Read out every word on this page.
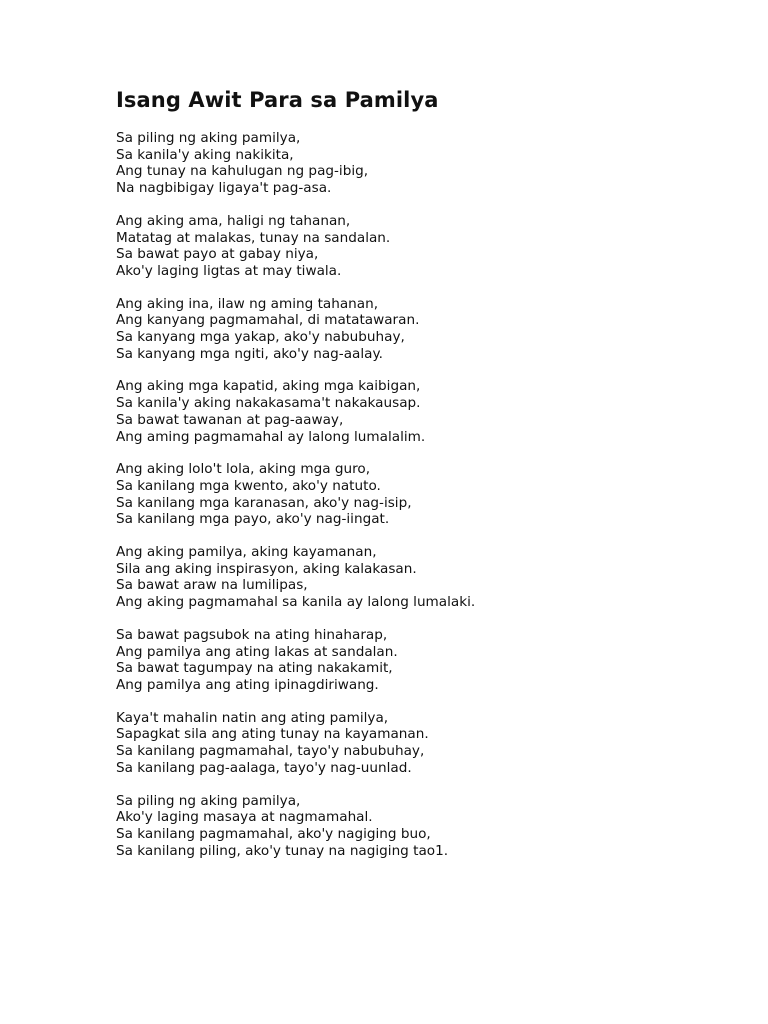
Isang Awit Para sa Pamilya
Sa piling ng aking pamilya,
Sa kanila'y aking nakikita,
Ang tunay na kahulugan ng pag-ibig,
Na nagbibigay ligaya't pag-asa.
Ang aking ama, haligi ng tahanan,
Matatag at malakas, tunay na sandalan.
Sa bawat payo at gabay niya,
Ako'y laging ligtas at may tiwala.
Ang aking ina, ilaw ng aming tahanan,
Ang kanyang pagmamahal, di matatawaran.
Sa kanyang mga yakap, ako'y nabubuhay,
Sa kanyang mga ngiti, ako'y nag-aalay.
Ang aking mga kapatid, aking mga kaibigan,
Sa kanila'y aking nakakasama't nakakausap.
Sa bawat tawanan at pag-aaway,
Ang aming pagmamahal ay lalong lumalalim.
Ang aking lolo't lola, aking mga guro,
Sa kanilang mga kwento, ako'y natuto.
Sa kanilang mga karanasan, ako'y nag-isip,
Sa kanilang mga payo, ako'y nag-iingat.
Ang aking pamilya, aking kayamanan,
Sila ang aking inspirasyon, aking kalakasan.
Sa bawat araw na lumilipas,
Ang aking pagmamahal sa kanila ay lalong lumalaki.
Sa bawat pagsubok na ating hinaharap,
Ang pamilya ang ating lakas at sandalan.
Sa bawat tagumpay na ating nakakamit,
Ang pamilya ang ating ipinagdiriwang.
Kaya't mahalin natin ang ating pamilya,
Sapagkat sila ang ating tunay na kayamanan.
Sa kanilang pagmamahal, tayo'y nabubuhay,
Sa kanilang pag-aalaga, tayo'y nag-uunlad.
Sa piling ng aking pamilya,
Ako'y laging masaya at nagmamahal.
Sa kanilang pagmamahal, ako'y nagiging buo,
Sa kanilang piling, ako'y tunay na nagiging tao1.
